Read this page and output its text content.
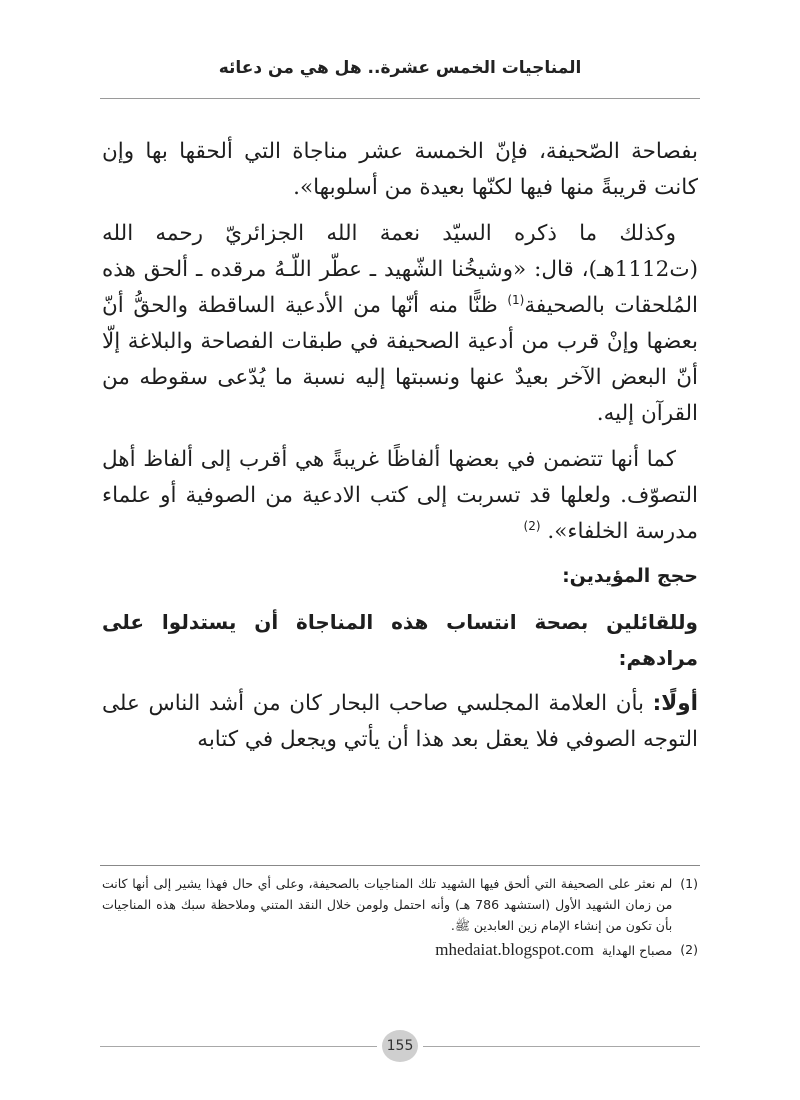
المناجيات الخمس عشرة.. هل هي من دعائه

بفصاحة الصّحيفة، فإنّ الخمسة عشر مناجاة التي ألحقها بها وإن كانت قريبةً منها فيها لكنّها بعيدة من أسلوبها».

وكذلك ما ذكره السيّد نعمة الله الجزائريّ رحمه الله (ت1112هـ)، قال: «وشيخُنا الشّهيد ـ عطّر اللّـهُ مرقده ـ ألحق هذه المُلحقات بالصحيفة$^{(1)}$ ظنًّا منه أنّها من الأدعية الساقطة والحقُّ أنّ بعضها وإنْ قرب من أدعية الصحيفة في طبقات الفصاحة والبلاغة إلّا أنّ البعض الآخر بعيدٌ عنها ونسبتها إليه نسبة ما يُدّعى سقوطه من القرآن إليه.

كما أنها تتضمن في بعضها ألفاظًا غريبةً هي أقرب إلى ألفاظ أهل التصوّف. ولعلها قد تسربت إلى كتب الادعية من الصوفية أو علماء مدرسة الخلفاء». $^{(2)}$

حجج المؤيدين:
وللقائلين بصحة انتساب هذه المناجاة أن يستدلوا على مرادهم:

أولًا: بأن العلامة المجلسي صاحب البحار كان من أشد الناس على التوجه الصوفي فلا يعقل بعد هذا أن يأتي ويجعل في كتابه

(1)
لم نعثر على الصحيفة التي ألحق فيها الشهيد تلك المناجيات بالصحيفة، وعلى أي حال فهذا يشير إلى أنها كانت من زمان الشهيد الأول (استشهد 786 هـ) وأنه احتمل ولومن خلال النقد المتني وملاحظة سبك هذه المناجيات بأن تكون من إنشاء الإمام زين العابدين ﷺ.
(2)
مصباح الهداية mhedaiat.blogspot.com
155
